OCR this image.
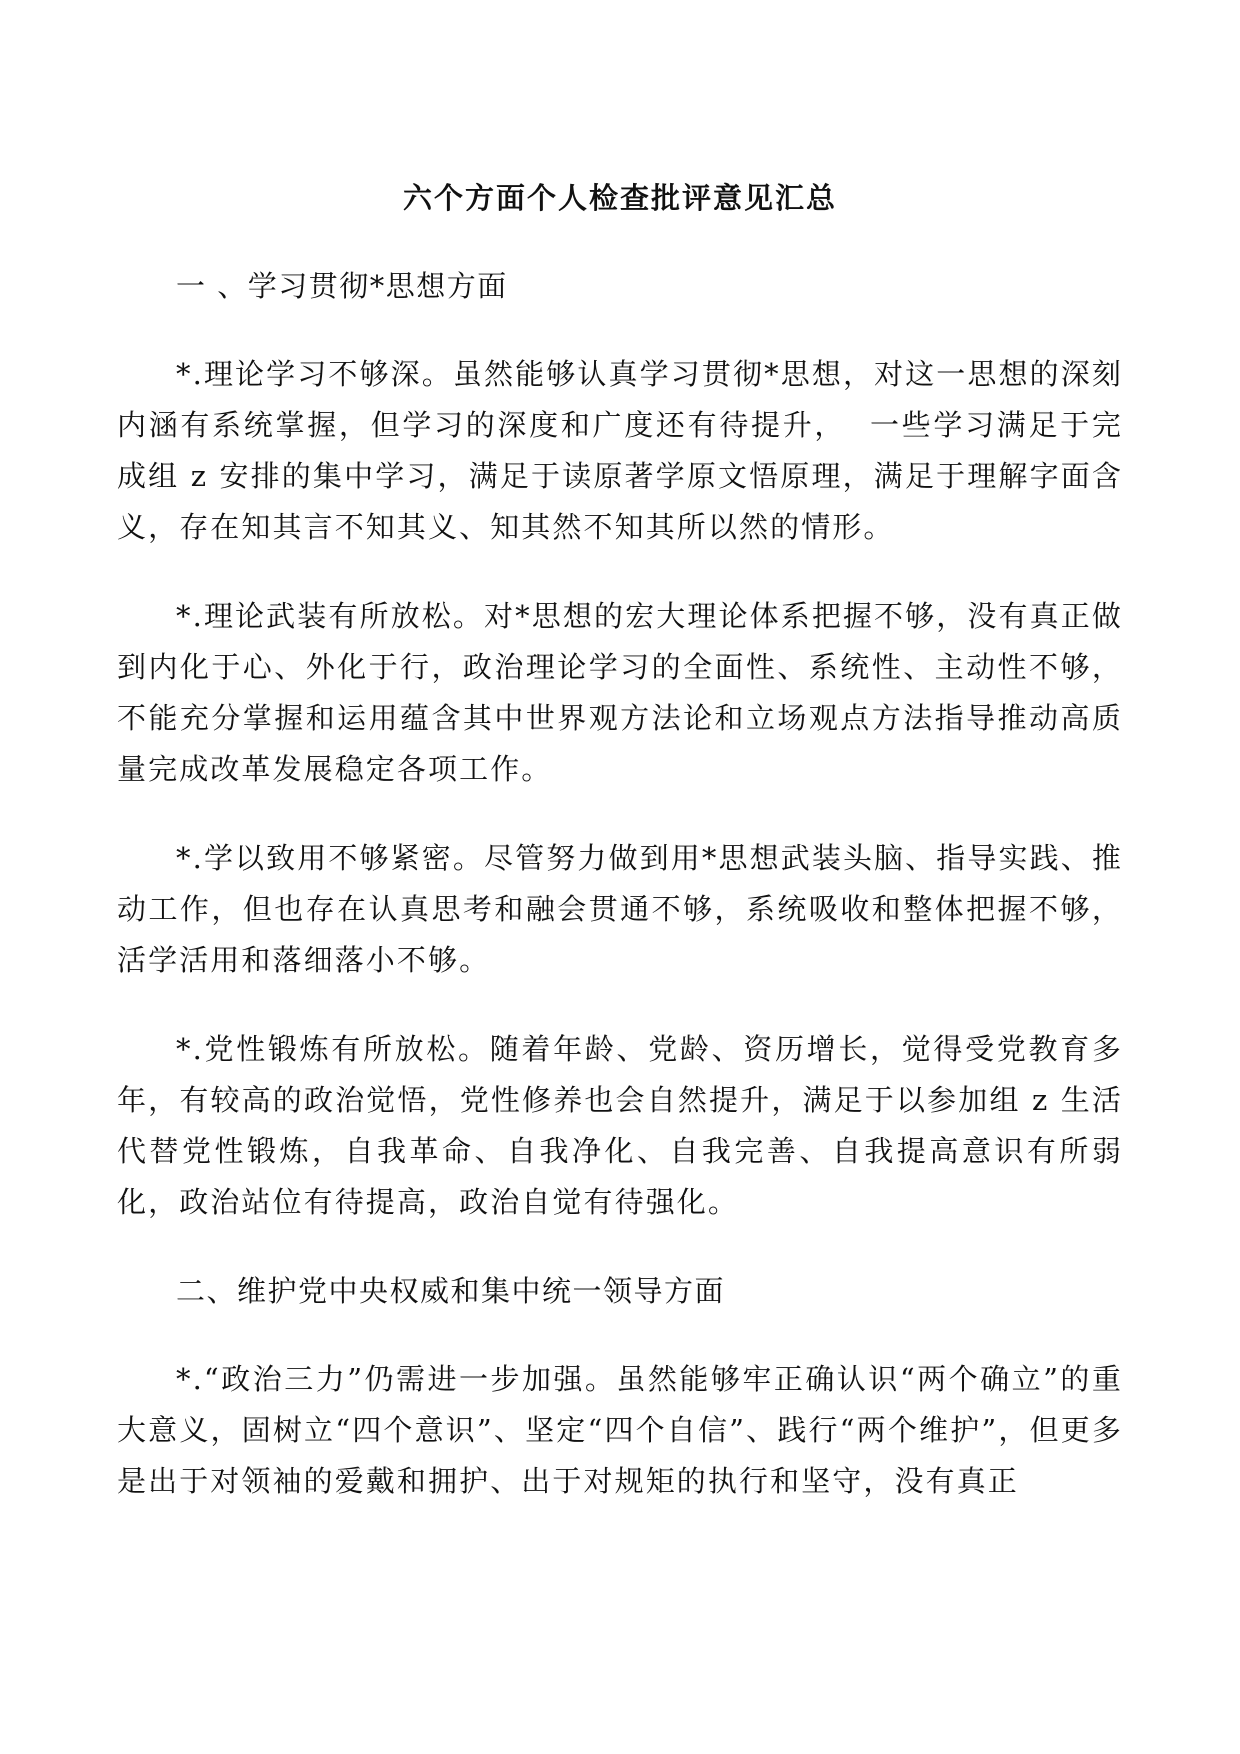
六个方面个人检查批评意见汇总
一 、学习贯彻*思想方面

*.理论学习不够深。虽然能够认真学习贯彻*思想，对这一思想的深刻内涵有系统掌握，但学习的深度和广度还有待提升，  一些学习满足于完成组 z 安排的集中学习，满足于读原著学原文悟原理，满足于理解字面含义，存在知其言不知其义、知其然不知其所以然的情形。

*.理论武装有所放松。对*思想的宏大理论体系把握不够，没有真正做到内化于心、外化于行，政治理论学习的全面性、系统性、主动性不够，不能充分掌握和运用蕴含其中世界观方法论和立场观点方法指导推动高质量完成改革发展稳定各项工作。

*.学以致用不够紧密。尽管努力做到用*思想武装头脑、指导实践、推动工作，但也存在认真思考和融会贯通不够，系统吸收和整体把握不够，活学活用和落细落小不够。

*.党性锻炼有所放松。随着年龄、党龄、资历增长，觉得受党教育多年，有较高的政治觉悟，党性修养也会自然提升，满足于以参加组 z 生活代替党性锻炼，自我革命、自我净化、自我完善、自我提高意识有所弱化，政治站位有待提高，政治自觉有待强化。

二、维护党中央权威和集中统一领导方面

*.“政治三力”仍需进一步加强。虽然能够牢正确认识“两个确立”的重大意义，固树立“四个意识”、坚定“四个自信”、践行“两个维护”，但更多是出于对领袖的爱戴和拥护、出于对规矩的执行和坚守，没有真正
